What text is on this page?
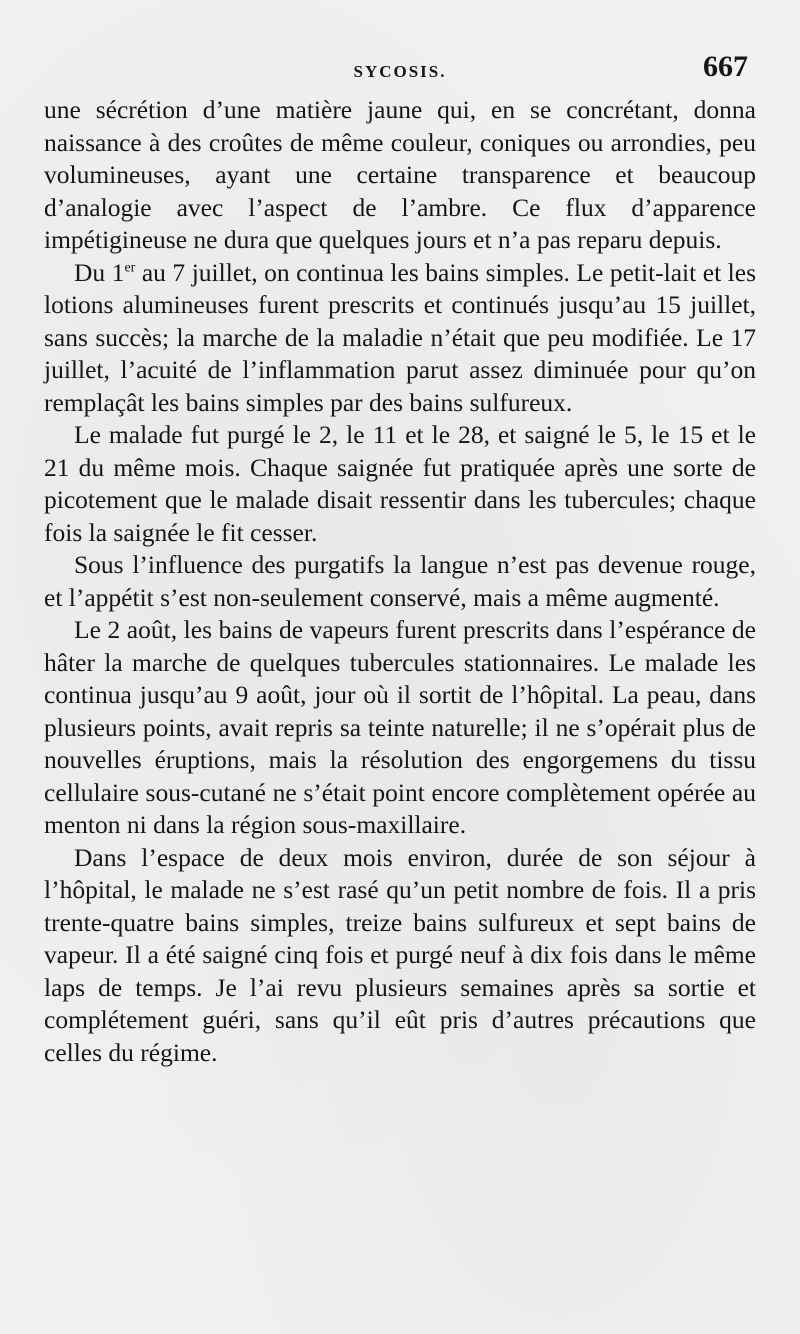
SYCOSIS.	667

une sécrétion d’une matière jaune qui, en se concrétant, donna naissance à des croûtes de même couleur, coniques ou arrondies, peu volumineuses, ayant une certaine transparence et beaucoup d’analogie avec l’aspect de l’ambre. Ce flux d’apparence impétigineuse ne dura que quelques jours et n’a pas reparu depuis.

Du 1er au 7 juillet, on continua les bains simples. Le petit-lait et les lotions alumineuses furent prescrits et continués jusqu’au 15 juillet, sans succès; la marche de la maladie n’était que peu modifiée. Le 17 juillet, l’acuité de l’inflammation parut assez diminuée pour qu’on remplaçât les bains simples par des bains sulfureux.

Le malade fut purgé le 2, le 11 et le 28, et saigné le 5, le 15 et le 21 du même mois. Chaque saignée fut pratiquée après une sorte de picotement que le malade disait ressentir dans les tubercules; chaque fois la saignée le fit cesser.

Sous l’influence des purgatifs la langue n’est pas devenue rouge, et l’appétit s’est non-seulement conservé, mais a même augmenté.

Le 2 août, les bains de vapeurs furent prescrits dans l’espérance de hâter la marche de quelques tubercules stationnaires. Le malade les continua jusqu’au 9 août, jour où il sortit de l’hôpital. La peau, dans plusieurs points, avait repris sa teinte naturelle; il ne s’opérait plus de nouvelles éruptions, mais la résolution des engorgemens du tissu cellulaire sous-cutané ne s’était point encore complètement opérée au menton ni dans la région sous-maxillaire.

Dans l’espace de deux mois environ, durée de son séjour à l’hôpital, le malade ne s’est rasé qu’un petit nombre de fois. Il a pris trente-quatre bains simples, treize bains sulfureux et sept bains de vapeur. Il a été saigné cinq fois et purgé neuf à dix fois dans le même laps de temps. Je l’ai revu plusieurs semaines après sa sortie et complétement guéri, sans qu’il eût pris d’autres précautions que celles du régime.
